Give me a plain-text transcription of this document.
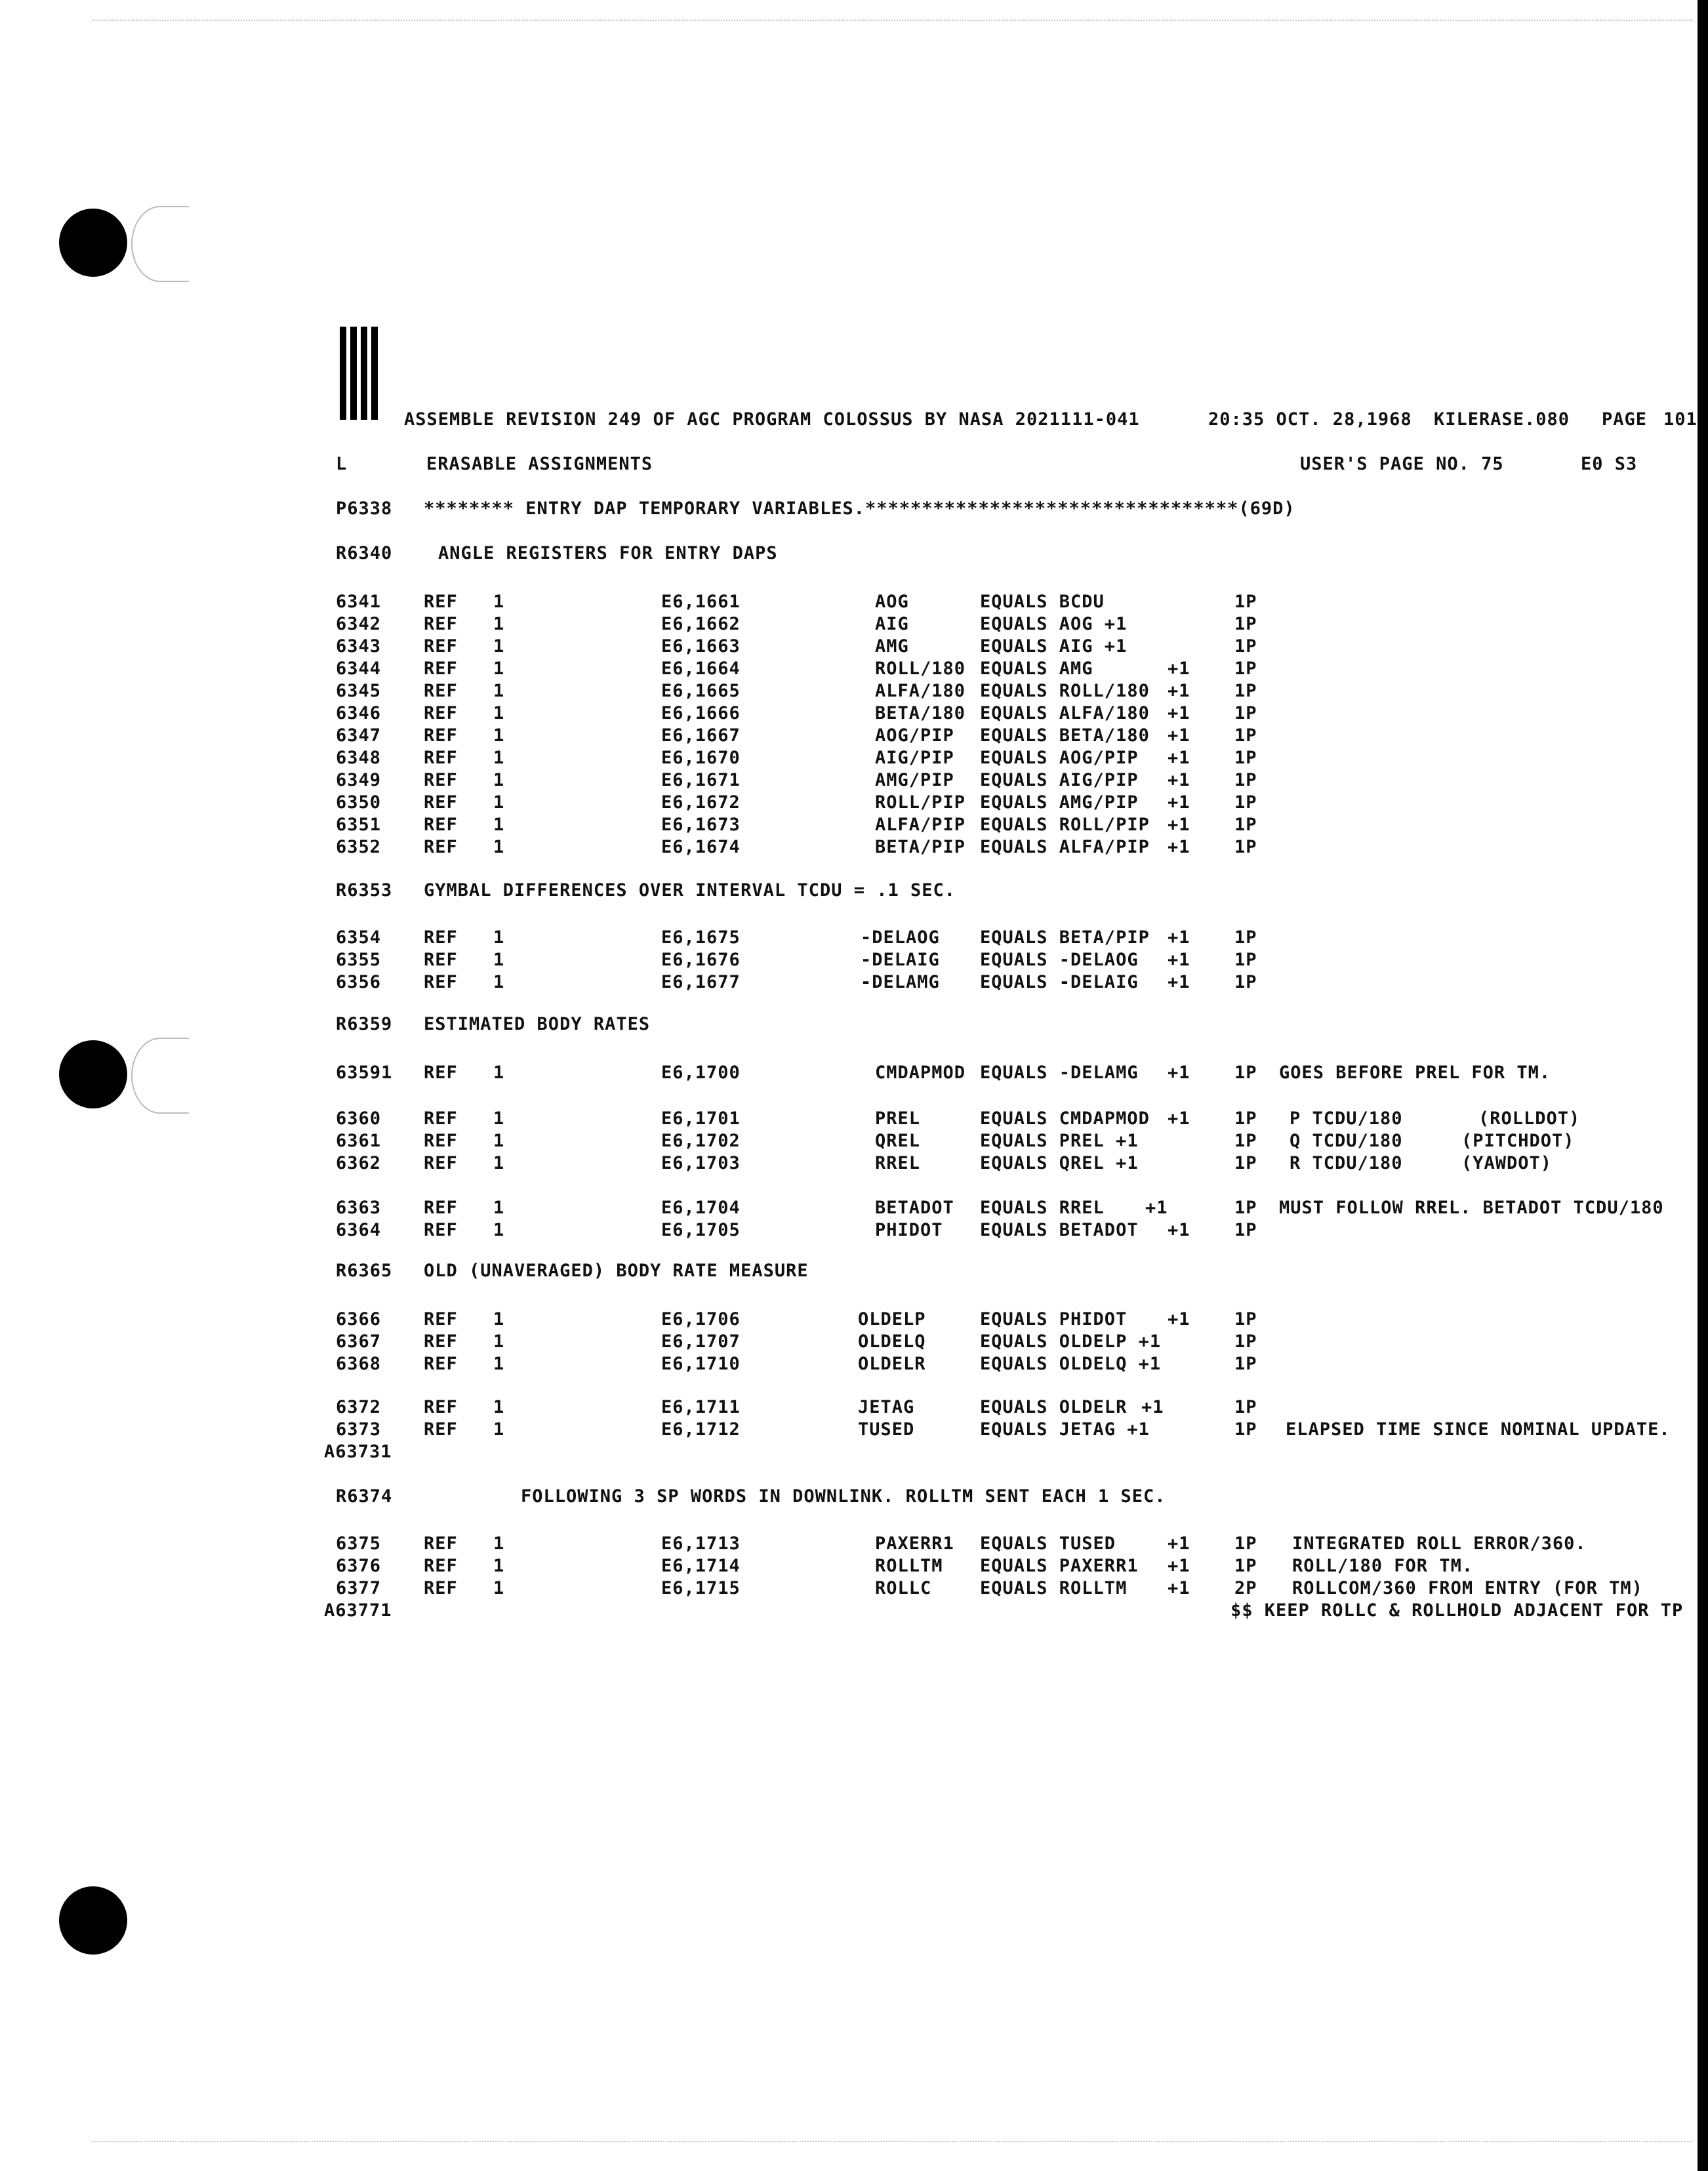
ASSEMBLE REVISION 249 OF AGC PROGRAM COLOSSUS BY NASA 2021111-041	20:35 OCT. 28,1968 KILERASE.080 PAGE 101
L	ERASABLE ASSIGNMENTS	USER'S PAGE NO. 75	E0 S3
P6338 ******** ENTRY DAP TEMPORARY VARIABLES.*********************************(69D)
R6340	ANGLE REGISTERS FOR ENTRY DAPS
6341 REF 1	E6,1661	AOG	EQUALS BCDU	1P
6342 REF 1	E6,1662	AIG	EQUALS AOG +1	1P
6343 REF 1	E6,1663	AMG	EQUALS AIG +1	1P
6344 REF 1	E6,1664	ROLL/180 EQUALS AMG	+1 1P
6345 REF 1	E6,1665	ALFA/180 EQUALS ROLL/180 +1 1P
6346 REF 1	E6,1666	BETA/180 EQUALS ALFA/180 +1 1P
6347 REF 1	E6,1667	AOG/PIP EQUALS BETA/180 +1 1P
6348 REF 1	E6,1670	AIG/PIP EQUALS AOG/PIP +1 1P
6349 REF 1	E6,1671	AMG/PIP EQUALS AIG/PIP +1 1P
6350 REF 1	E6,1672	ROLL/PIP EQUALS AMG/PIP +1 1P
6351 REF 1	E6,1673	ALFA/PIP EQUALS ROLL/PIP +1 1P
6352 REF 1	E6,1674	BETA/PIP EQUALS ALFA/PIP +1 1P
R6353 GYMBAL DIFFERENCES OVER INTERVAL TCDU = .1 SEC.
6354 REF 1	E6,1675	-DELAOG EQUALS BETA/PIP +1 1P
6355 REF 1	E6,1676	-DELAIG EQUALS -DELAOG +1 1P
6356 REF 1	E6,1677	-DELAMG EQUALS -DELAIG +1 1P
R6359 ESTIMATED BODY RATES
63591 REF 1	E6,1700	CMDAPMOD EQUALS -DELAMG +1 1P GOES BEFORE PREL FOR TM.
6360 REF 1	E6,1701	PREL	EQUALS CMDAPMOD +1 1P P TCDU/180	(ROLLDOT)
6361 REF 1	E6,1702	QREL	EQUALS PREL +1	1P Q TCDU/180	(PITCHDOT)
6362 REF 1	E6,1703	RREL	EQUALS QREL +1	1P R TCDU/180	(YAWDOT)
6363 REF 1	E6,1704	BETADOT EQUALS RREL +1	1P MUST FOLLOW RREL. BETADOT TCDU/180
6364 REF 1	E6,1705	PHIDOT EQUALS BETADOT +1 1P
R6365 OLD (UNAVERAGED) BODY RATE MEASURE
6366 REF 1	E6,1706	OLDELP	EQUALS PHIDOT +1 1P
6367 REF 1	E6,1707	OLDELQ	EQUALS OLDELP +1	1P
6368 REF 1	E6,1710	OLDELR	EQUALS OLDELQ +1	1P
6372 REF 1	E6,1711	JETAG	EQUALS OLDELR +1	1P
6373 REF 1	E6,1712	TUSED	EQUALS JETAG +1	1P ELAPSED TIME SINCE NOMINAL UPDATE.
A63731
R6374	FOLLOWING 3 SP WORDS IN DOWNLINK. ROLLTM SENT EACH 1 SEC.
6375 REF 1	E6,1713	PAXERR1 EQUALS TUSED	+1 1P INTEGRATED ROLL ERROR/360.
6376 REF 1	E6,1714	ROLLTM EQUALS PAXERR1 +1 1P ROLL/180 FOR TM.
6377 REF 1	E6,1715	ROLLC	EQUALS ROLLTM +1 2P ROLLCOM/360 FROM ENTRY (FOR TM)
A63771	$$ KEEP ROLLC & ROLLHOLD ADJACENT FOR TP
